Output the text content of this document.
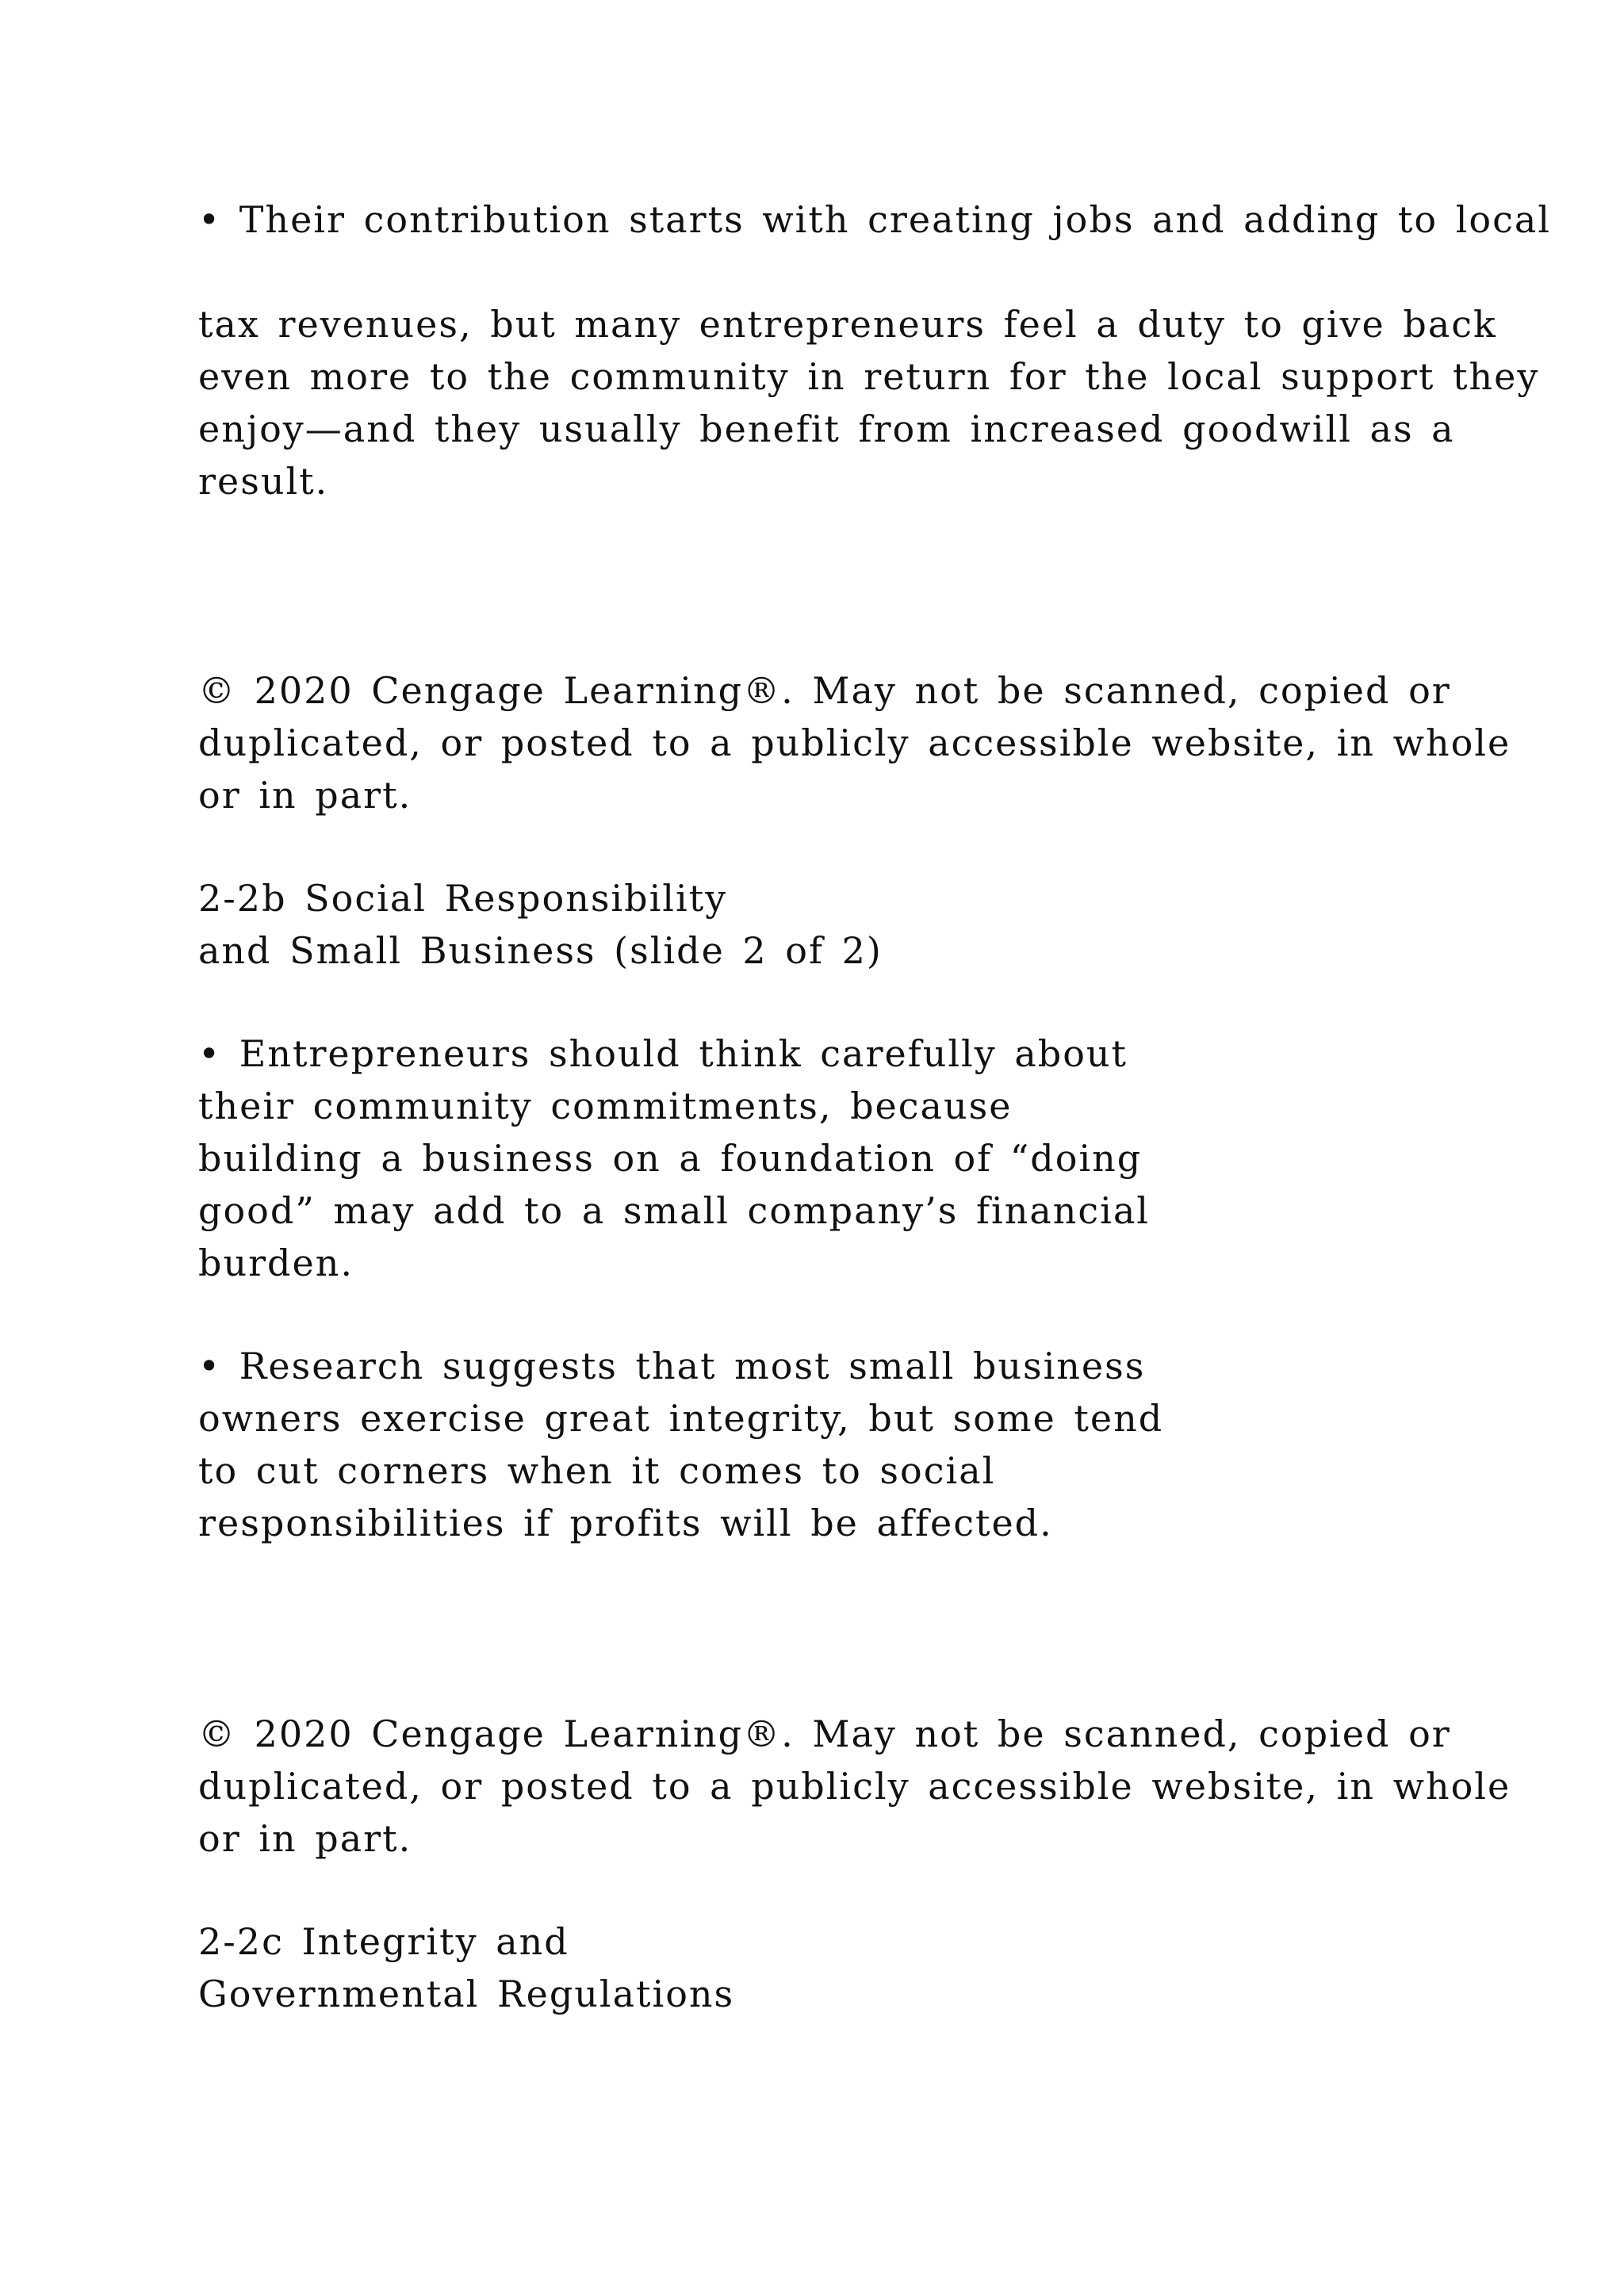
• Their contribution starts with creating jobs and adding to local

tax revenues, but many entrepreneurs feel a duty to give back
even more to the community in return for the local support they
enjoy—and they usually benefit from increased goodwill as a
result.

© 2020 Cengage Learning®. May not be scanned, copied or
duplicated, or posted to a publicly accessible website, in whole
or in part.

2-2b Social Responsibility
and Small Business (slide 2 of 2)

• Entrepreneurs should think carefully about
their community commitments, because
building a business on a foundation of “doing
good” may add to a small company’s financial
burden.

• Research suggests that most small business
owners exercise great integrity, but some tend
to cut corners when it comes to social
responsibilities if profits will be affected.

© 2020 Cengage Learning®. May not be scanned, copied or
duplicated, or posted to a publicly accessible website, in whole
or in part.

2-2c Integrity and
Governmental Regulations
